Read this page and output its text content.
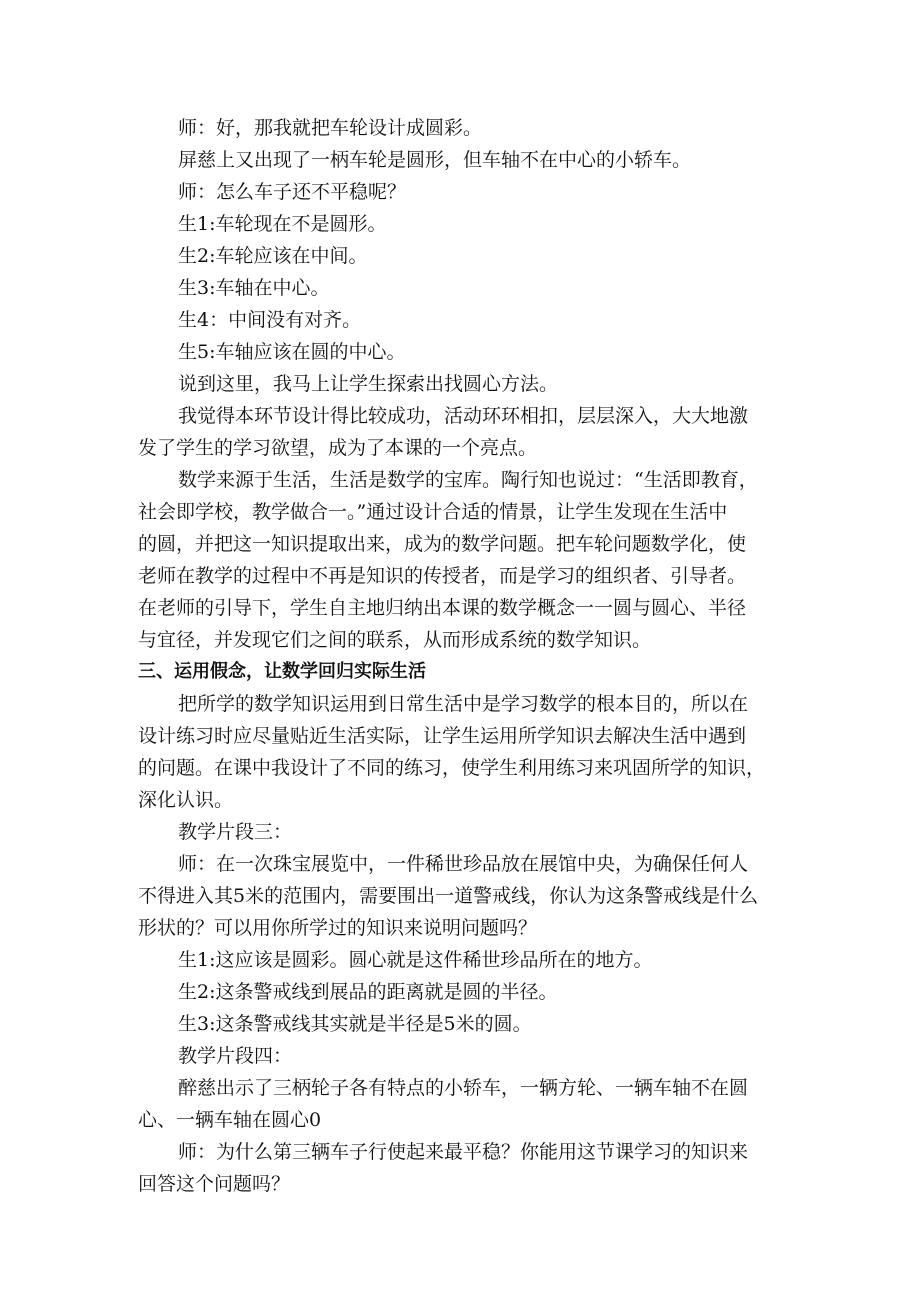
师：好，那我就把车轮设计成圆彩。
屏慈上又出现了一柄车轮是圆形，但车轴不在中心的小轿车。
师：怎么车子还不平稳呢？
生1:车轮现在不是圆形。
生2:车轮应该在中间。
生3:车轴在中心。
生4：中间没有对齐。
生5:车轴应该在圆的中心。
说到这里，我马上让学生探索出找圆心方法。
我觉得本环节设计得比较成功，活动环环相扣，层层深入，大大地激
发了学生的学习欲望，成为了本课的一个亮点。
数学来源于生活，生活是数学的宝库。陶行知也说过：“生活即教育，
社会即学校，教学做合一。”通过设计合适的情景，让学生发现在生活中
的圆，并把这一知识提取出来，成为的数学问题。把车轮问题数学化，使
老师在教学的过程中不再是知识的传授者，而是学习的组织者、引导者。
在老师的引导下，学生自主地归纳出本课的数学概念一一圆与圆心、半径
与宜径，并发现它们之间的联系，从而形成系统的数学知识。
三、运用假念，让数学回归实际生活
把所学的数学知识运用到日常生活中是学习数学的根本目的，所以在
设计练习时应尽量贴近生活实际，让学生运用所学知识去解决生活中遇到
的问题。在课中我设计了不同的练习，使学生利用练习来巩固所学的知识，
深化认识。
教学片段三：
师：在一次珠宝展览中，一件稀世珍品放在展馆中央，为确保任何人
不得进入其5米的范围内，需要围出一道警戒线，你认为这条警戒线是什么
形状的？可以用你所学过的知识来说明问题吗？
生1:这应该是圆彩。圆心就是这件稀世珍品所在的地方。
生2:这条警戒线到展品的距离就是圆的半径。
生3:这条警戒线其实就是半径是5米的圆。
教学片段四：
醉慈出示了三柄轮子各有特点的小轿车，一辆方轮、一辆车轴不在圆
心、一辆车轴在圆心0
师：为什么第三辆车子行使起来最平稳？你能用这节课学习的知识来
回答这个问题吗？
